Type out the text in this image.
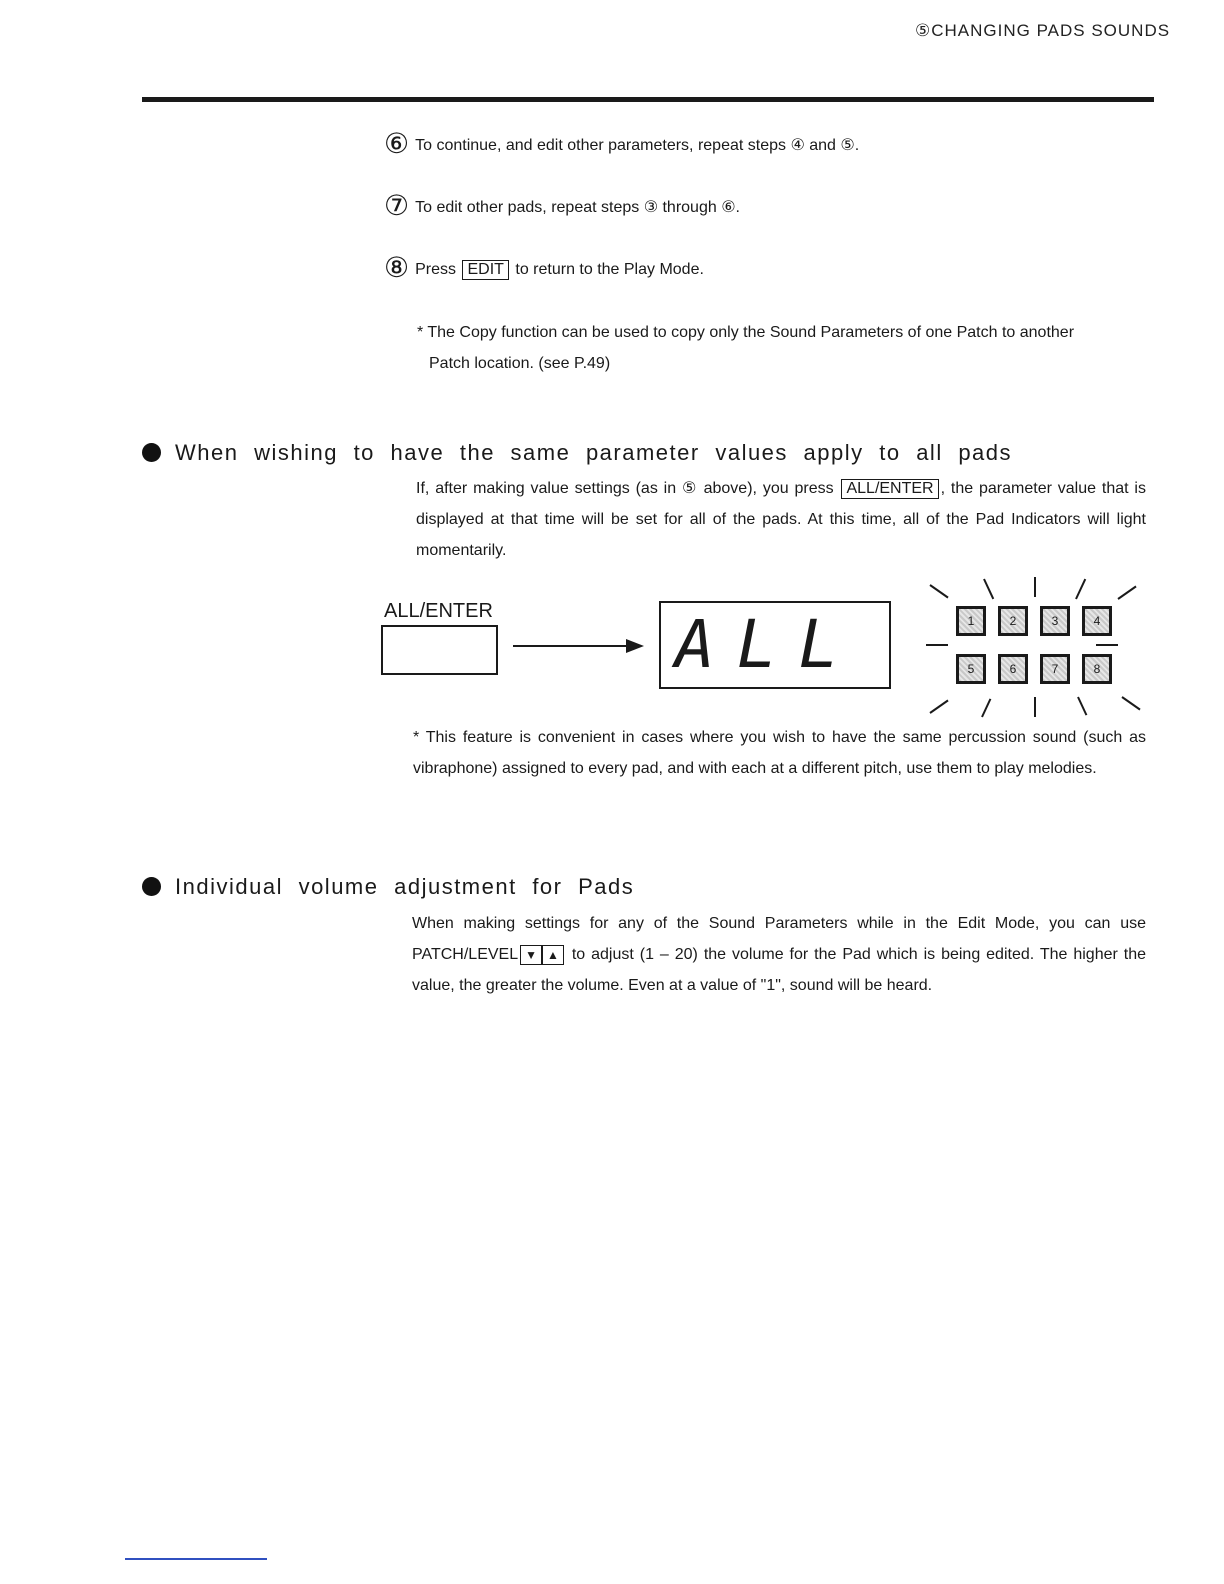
⑤CHANGING PADS SOUNDS
⑥ To continue, and edit other parameters, repeat steps ④ and ⑤.
⑦ To edit other pads, repeat steps ③ through ⑥.
⑧ Press EDIT to return to the Play Mode.
* The Copy function can be used to copy only the Sound Parameters of one Patch to another
Patch location. (see P.49)
When wishing to have the same parameter values apply to all pads
If, after making value settings (as in ⑤ above), you press ALL/ENTER , the parameter value that is displayed at that time will be set for all of the pads. At this time, all of the Pad Indicators will light momentarily.
ALL/ENTER	ALL	1	2	3	4
5	6	7	8
* This feature is convenient in cases where you wish to have the same percussion sound (such as vibraphone) assigned to every pad, and with each at a different pitch, use them to play melodies.
Individual volume adjustment for Pads
When making settings for any of the Sound Parameters while in the Edit Mode, you can use PATCH/LEVEL ▼ ▲ to adjust (1 – 20) the volume for the Pad which is being edited. The higher the value, the greater the volume. Even at a value of "1", sound will be heard.
